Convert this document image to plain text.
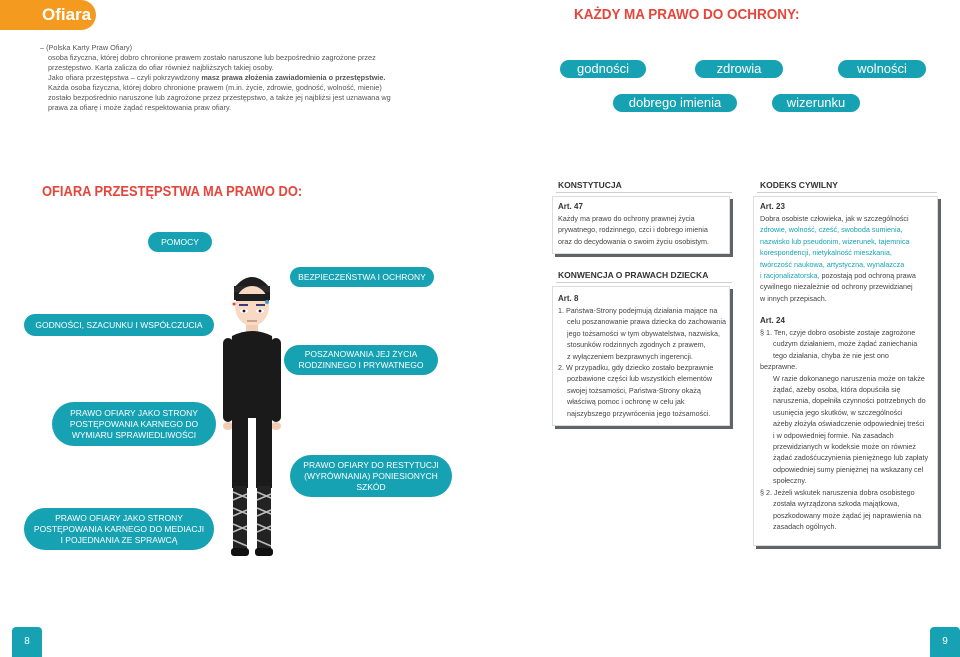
Ofiara	KAŻDY MA PRAWO DO OCHRONY:
– (Polska Karty Praw Ofiary)
osoba fizyczna, której dobro chronione prawem zostało naruszone lub bezpośrednio zagrożone przez
przestępstwo. Karta zalicza do ofiar również najbliższych takiej osoby.
Jako ofiara przestępstwa – czyli pokrzywdzony masz prawa złożenia zawiadomienia o przestępstwie.
Każda osoba fizyczna, której dobro chronione prawem (m.in. życie, zdrowie, godność, wolność, mienie)
zostało bezpośrednio naruszone lub zagrożone przez przestępstwo, a także jej najbliżsi jest uznawana wg
prawa za ofiarę i może żądać respektowania praw ofiary.
godności	zdrowia	wolności
dobrego imienia	wizerunku
OFIARA PRZESTĘPSTWA MA PRAWO DO:
POMOCY
BEZPIECZEŃSTWA I OCHRONY
GODNOŚCI, SZACUNKU I WSPÓŁCZUCIA
POSZANOWANIA JEJ ŻYCIA RODZINNEGO I PRYWATNEGO
PRAWO OFIARY JAKO STRONY POSTĘPOWANIA KARNEGO DO WYMIARU SPRAWIEDLIWOŚCI
PRAWO OFIARY DO RESTYTUCJI (WYRÓWNANIA) PONIESIONYCH SZKÓD
PRAWO OFIARY JAKO STRONY POSTĘPOWANIA KARNEGO DO MEDIACJI I POJEDNANIA ZE SPRAWCĄ
KONSTYTUCJA
Art. 47
Każdy ma prawo do ochrony prawnej życia
prywatnego, rodzinnego, czci i dobrego imienia
oraz do decydowania o swoim życiu osobistym.
KONWENCJA O PRAWACH DZIECKA
Art. 8
1. Państwa-Strony podejmują działania mające na
celu poszanowanie prawa dziecka do zachowania
jego tożsamości w tym obywatelstwa, nazwiska,
stosunków rodzinnych zgodnych z prawem,
z wyłączeniem bezprawnych ingerencji.
2. W przypadku, gdy dziecko zostało bezprawnie
pozbawione części lub wszystkich elementów
swojej tożsamości, Państwa-Strony okażą
właściwą pomoc i ochronę w celu jak
najszybszego przywrócenia jego tożsamości.
KODEKS CYWILNY
Art. 23
Dobra osobiste człowieka, jak w szczególności
zdrowie, wolność, cześć, swoboda sumienia,
nazwisko lub pseudonim, wizerunek, tajemnica
korespondencji, nietykalność mieszkania,
twórczość naukowa, artystyczna, wynalazcza
i racjonalizatorska, pozostają pod ochroną prawa
cywilnego niezależnie od ochrony przewidzianej
w innych przepisach.
Art. 24
§ 1. Ten, czyje dobro osobiste zostaje zagrożone
cudzym działaniem, może żądać zaniechania
tego działania, chyba że nie jest ono
bezprawne.
W razie dokonanego naruszenia może on także
żądać, ażeby osoba, która dopuściła się
naruszenia, dopełniła czynności potrzebnych do
usunięcia jego skutków, w szczególności
ażeby złożyła oświadczenie odpowiedniej treści
i w odpowiedniej formie. Na zasadach
przewidzianych w kodeksie może on również
żądać zadośćuczynienia pieniężnego lub zapłaty
odpowiedniej sumy pieniężnej na wskazany cel
społeczny.
§ 2. Jeżeli wskutek naruszenia dobra osobistego
została wyrządzona szkoda majątkowa,
poszkodowany może żądać jej naprawienia na
zasadach ogólnych.
8	9
